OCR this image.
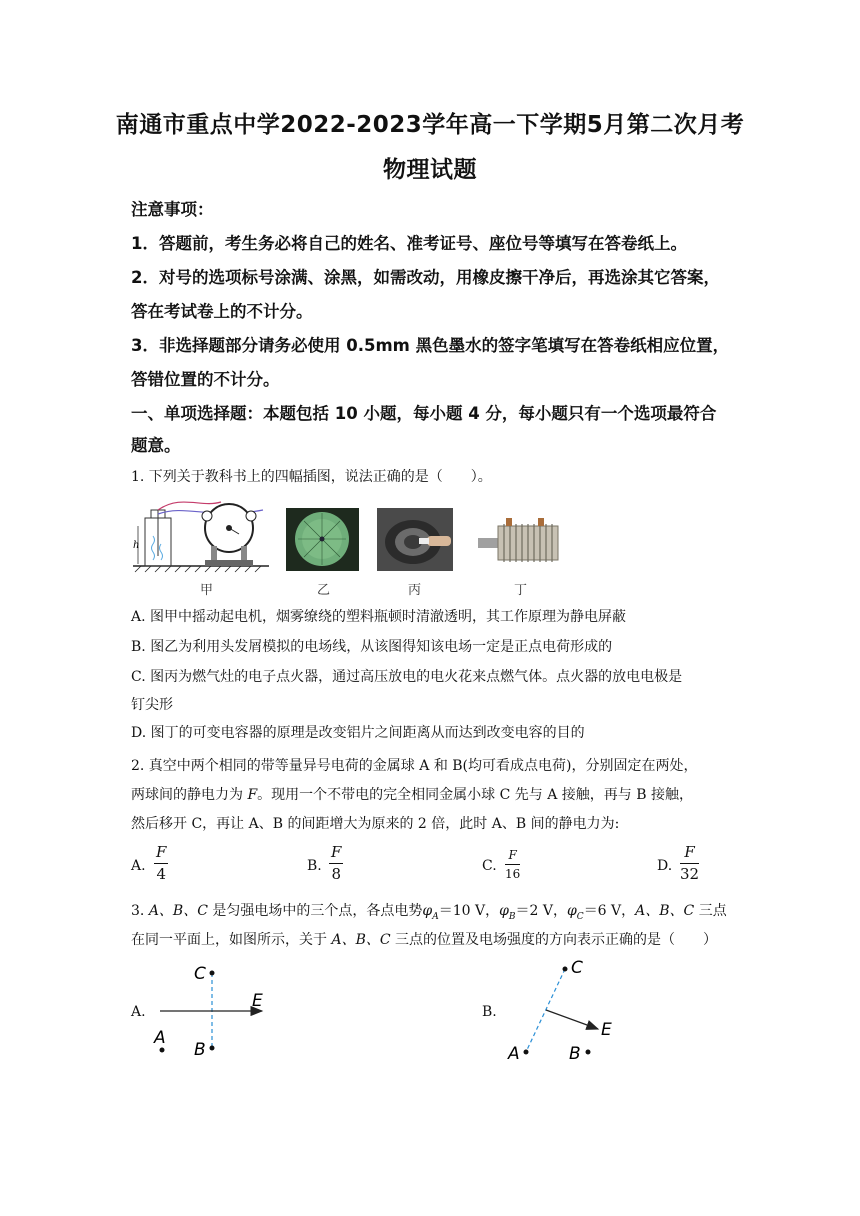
南通市重点中学2022-2023学年高一下学期5月第二次月考
物理试题
注意事项：
1．答题前，考生务必将自己的姓名、准考证号、座位号等填写在答卷纸上。
2．对号的选项标号涂满、涂黑，如需改动，用橡皮擦干净后，再选涂其它答案，
答在考试卷上的不计分。
3．非选择题部分请务必使用 0.5mm 黑色墨水的签字笔填写在答卷纸相应位置，
答错位置的不计分。
一、单项选择题：本题包括 10 小题，每小题 4 分，每小题只有一个选项最符合
题意。
1. 下列关于教科书上的四幅插图，说法正确的是（　　）。
h
甲	乙	丙	丁
A. 图甲中摇动起电机，烟雾缭绕的塑料瓶顿时清澈透明，其工作原理为静电屏蔽
B. 图乙为利用头发屑模拟的电场线，从该图得知该电场一定是正点电荷形成的
C. 图丙为燃气灶的电子点火器，通过高压放电的电火花来点燃气体。点火器的放电电极是
钉尖形
D. 图丁的可变电容器的原理是改变铝片之间距离从而达到改变电容的目的
2. 真空中两个相同的带等量异号电荷的金属球 A 和 B(均可看成点电荷)，分别固定在两处，
两球间的静电力为 F。现用一个不带电的完全相同金属小球 C 先与 A 接触，再与 B 接触，
然后移开 C，再让 A、B 的间距增大为原来的 2 倍，此时 A、B 间的静电力为:
A.
F
4	B.
F
8	C.
F
16	D.
F
32
3. A、B、C 是匀强电场中的三个点，各点电势$\varphi_A=10$ V，$\varphi_B=2$ V，$\varphi_C=6$ V，A、B、C 三点
在同一平面上，如图所示，关于 A、B、C 三点的位置及电场强度的方向表示正确的是（　　）
A.
C
B
A
E
B.
C
A	B
E
